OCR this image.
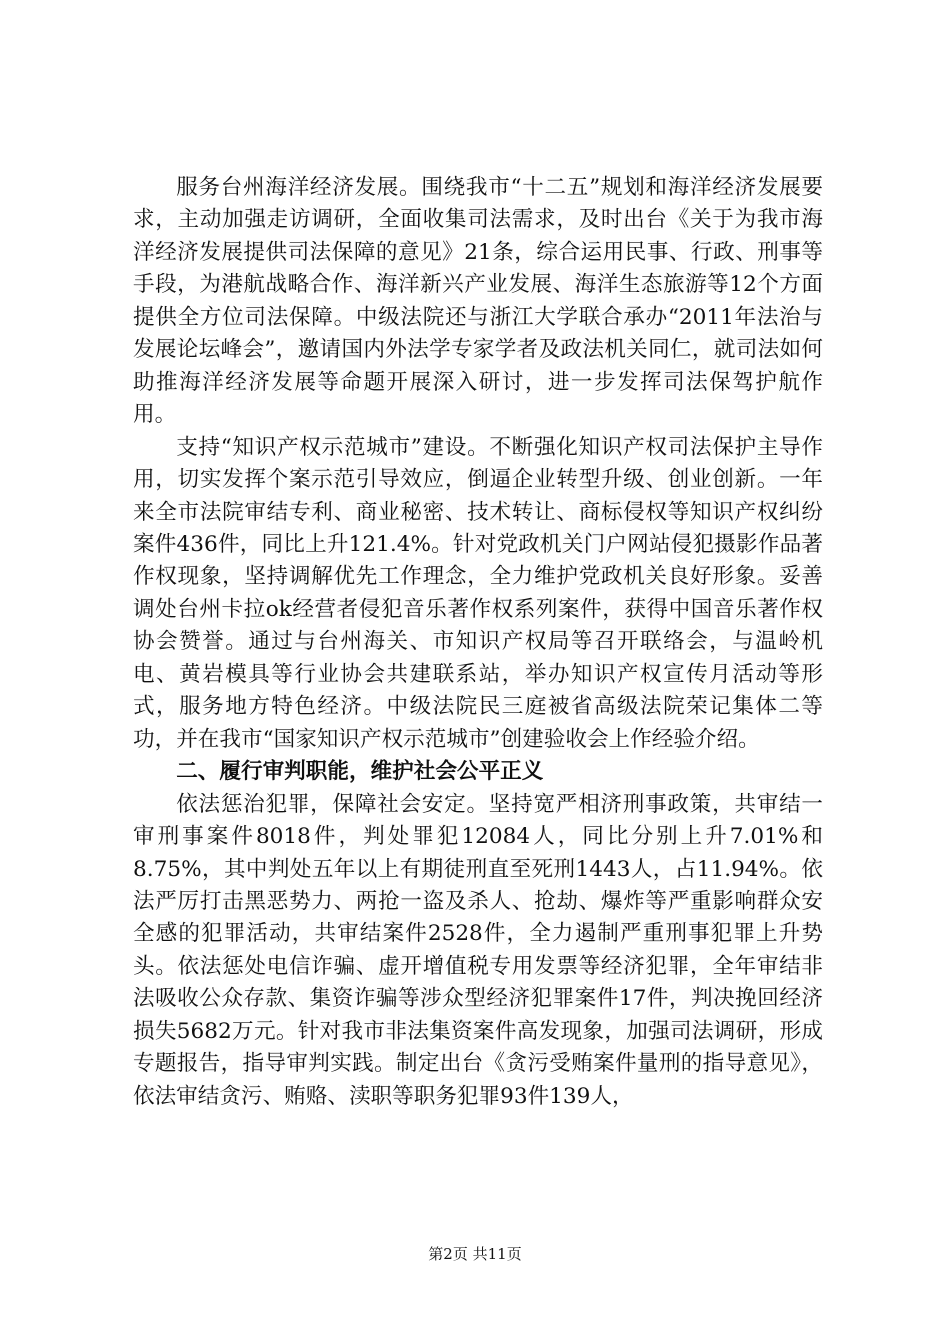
服务台州海洋经济发展。围绕我市“十二五”规划和海洋经济发展要求，主动加强走访调研，全面收集司法需求，及时出台《关于为我市海洋经济发展提供司法保障的意见》21条，综合运用民事、行政、刑事等手段，为港航战略合作、海洋新兴产业发展、海洋生态旅游等12个方面提供全方位司法保障。中级法院还与浙江大学联合承办“2011年法治与发展论坛峰会”，邀请国内外法学专家学者及政法机关同仁，就司法如何助推海洋经济发展等命题开展深入研讨，进一步发挥司法保驾护航作用。

支持“知识产权示范城市”建设。不断强化知识产权司法保护主导作用，切实发挥个案示范引导效应，倒逼企业转型升级、创业创新。一年来全市法院审结专利、商业秘密、技术转让、商标侵权等知识产权纠纷案件436件，同比上升121.4%。针对党政机关门户网站侵犯摄影作品著作权现象，坚持调解优先工作理念，全力维护党政机关良好形象。妥善调处台州卡拉ok经营者侵犯音乐著作权系列案件，获得中国音乐著作权协会赞誉。通过与台州海关、市知识产权局等召开联络会，与温岭机电、黄岩模具等行业协会共建联系站，举办知识产权宣传月活动等形式，服务地方特色经济。中级法院民三庭被省高级法院荣记集体二等功，并在我市“国家知识产权示范城市”创建验收会上作经验介绍。

二、履行审判职能，维护社会公平正义

依法惩治犯罪，保障社会安定。坚持宽严相济刑事政策，共审结一审刑事案件8018件，判处罪犯12084人，同比分别上升7.01%和8.75%，其中判处五年以上有期徒刑直至死刑1443人，占11.94%。依法严厉打击黑恶势力、两抢一盗及杀人、抢劫、爆炸等严重影响群众安全感的犯罪活动，共审结案件2528件，全力遏制严重刑事犯罪上升势头。依法惩处电信诈骗、虚开增值税专用发票等经济犯罪，全年审结非法吸收公众存款、集资诈骗等涉众型经济犯罪案件17件，判决挽回经济损失5682万元。针对我市非法集资案件高发现象，加强司法调研，形成专题报告，指导审判实践。制定出台《贪污受贿案件量刑的指导意见》，依法审结贪污、贿赂、渎职等职务犯罪93件139人，

第2页 共11页
